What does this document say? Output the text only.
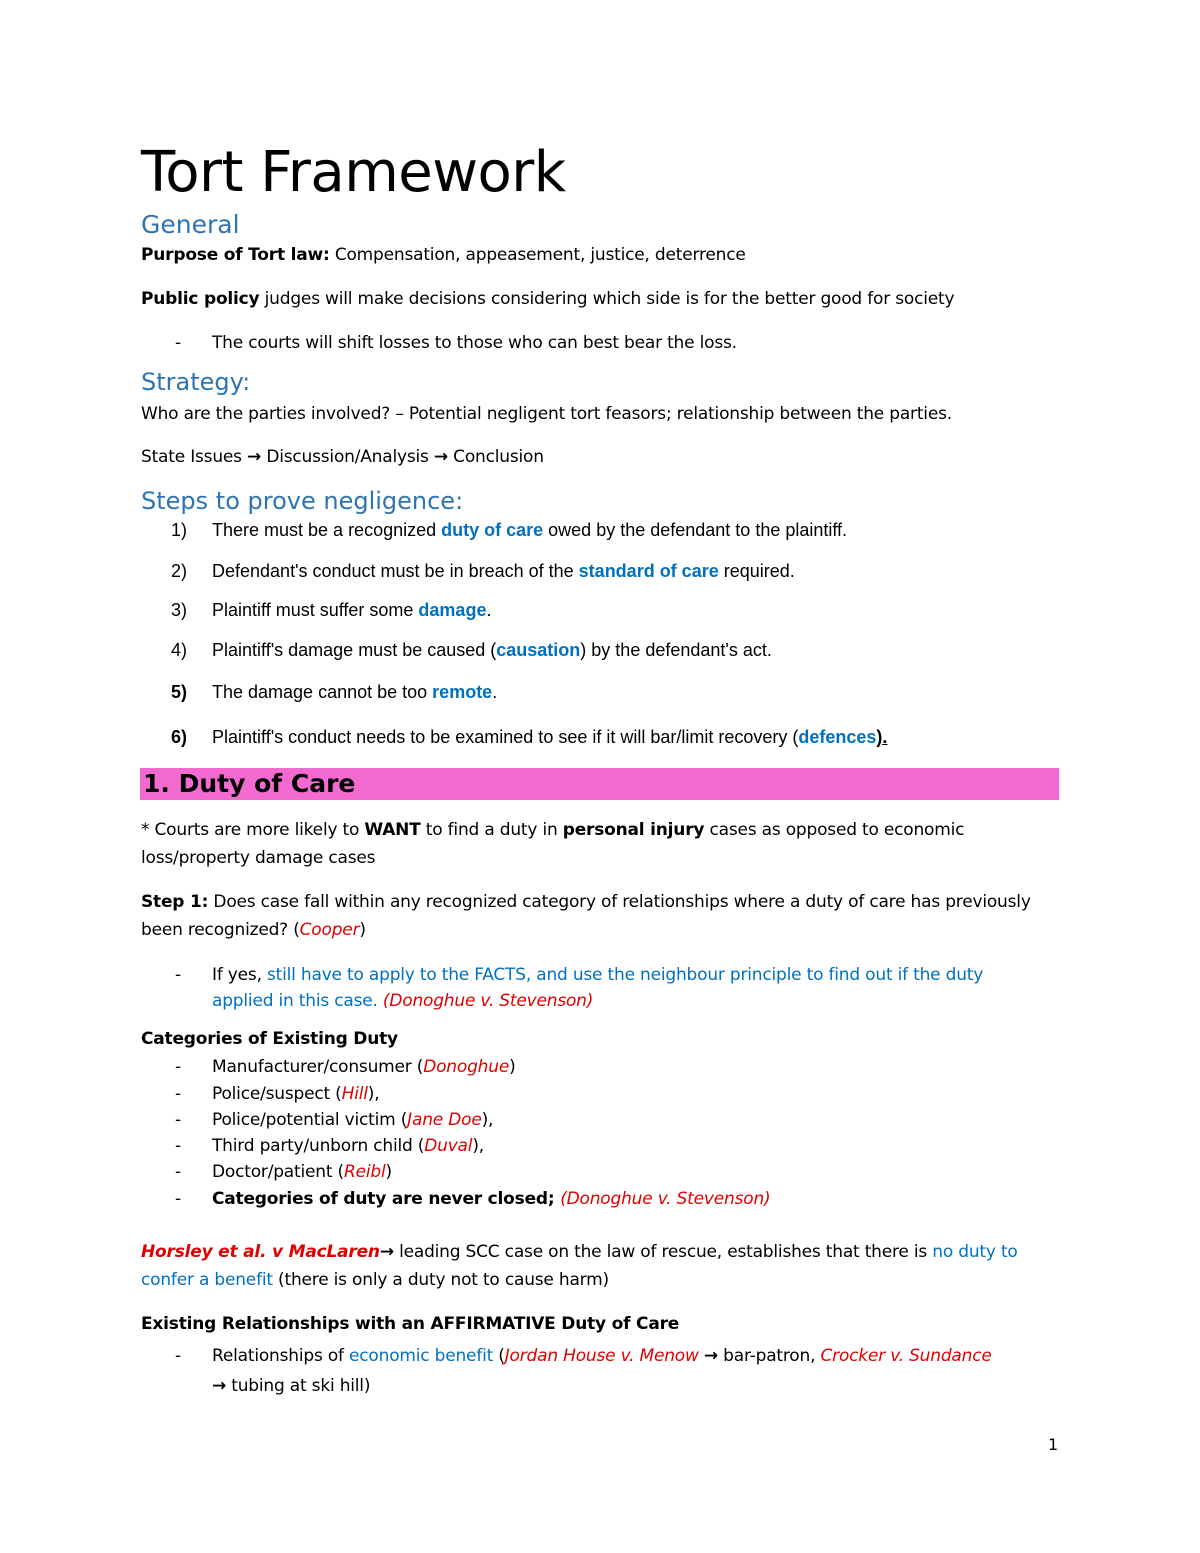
Tort Framework
General
Purpose of Tort law: Compensation, appeasement, justice, deterrence
Public policy judges will make decisions considering which side is for the better good for society
- The courts will shift losses to those who can best bear the loss.
Strategy:
Who are the parties involved? – Potential negligent tort feasors; relationship between the parties.
State Issues → Discussion/Analysis → Conclusion
Steps to prove negligence:
1) There must be a recognized duty of care owed by the defendant to the plaintiff.
2) Defendant's conduct must be in breach of the standard of care required.
3) Plaintiff must suffer some damage.
4) Plaintiff's damage must be caused (causation) by the defendant's act.
5) The damage cannot be too remote.
6) Plaintiff's conduct needs to be examined to see if it will bar/limit recovery (defences).
1. Duty of Care
* Courts are more likely to WANT to find a duty in personal injury cases as opposed to economic
loss/property damage cases
Step 1: Does case fall within any recognized category of relationships where a duty of care has previously
been recognized? (Cooper)
- If yes, still have to apply to the FACTS, and use the neighbour principle to find out if the duty
applied in this case. (Donoghue v. Stevenson)
Categories of Existing Duty
- Manufacturer/consumer (Donoghue)
- Police/suspect (Hill),
- Police/potential victim (Jane Doe),
- Third party/unborn child (Duval),
- Doctor/patient (Reibl)
- Categories of duty are never closed; (Donoghue v. Stevenson)
Horsley et al. v MacLaren→ leading SCC case on the law of rescue, establishes that there is no duty to
confer a benefit (there is only a duty not to cause harm)
Existing Relationships with an AFFIRMATIVE Duty of Care
- Relationships of economic benefit (Jordan House v. Menow → bar-patron, Crocker v. Sundance
→ tubing at ski hill)
1
